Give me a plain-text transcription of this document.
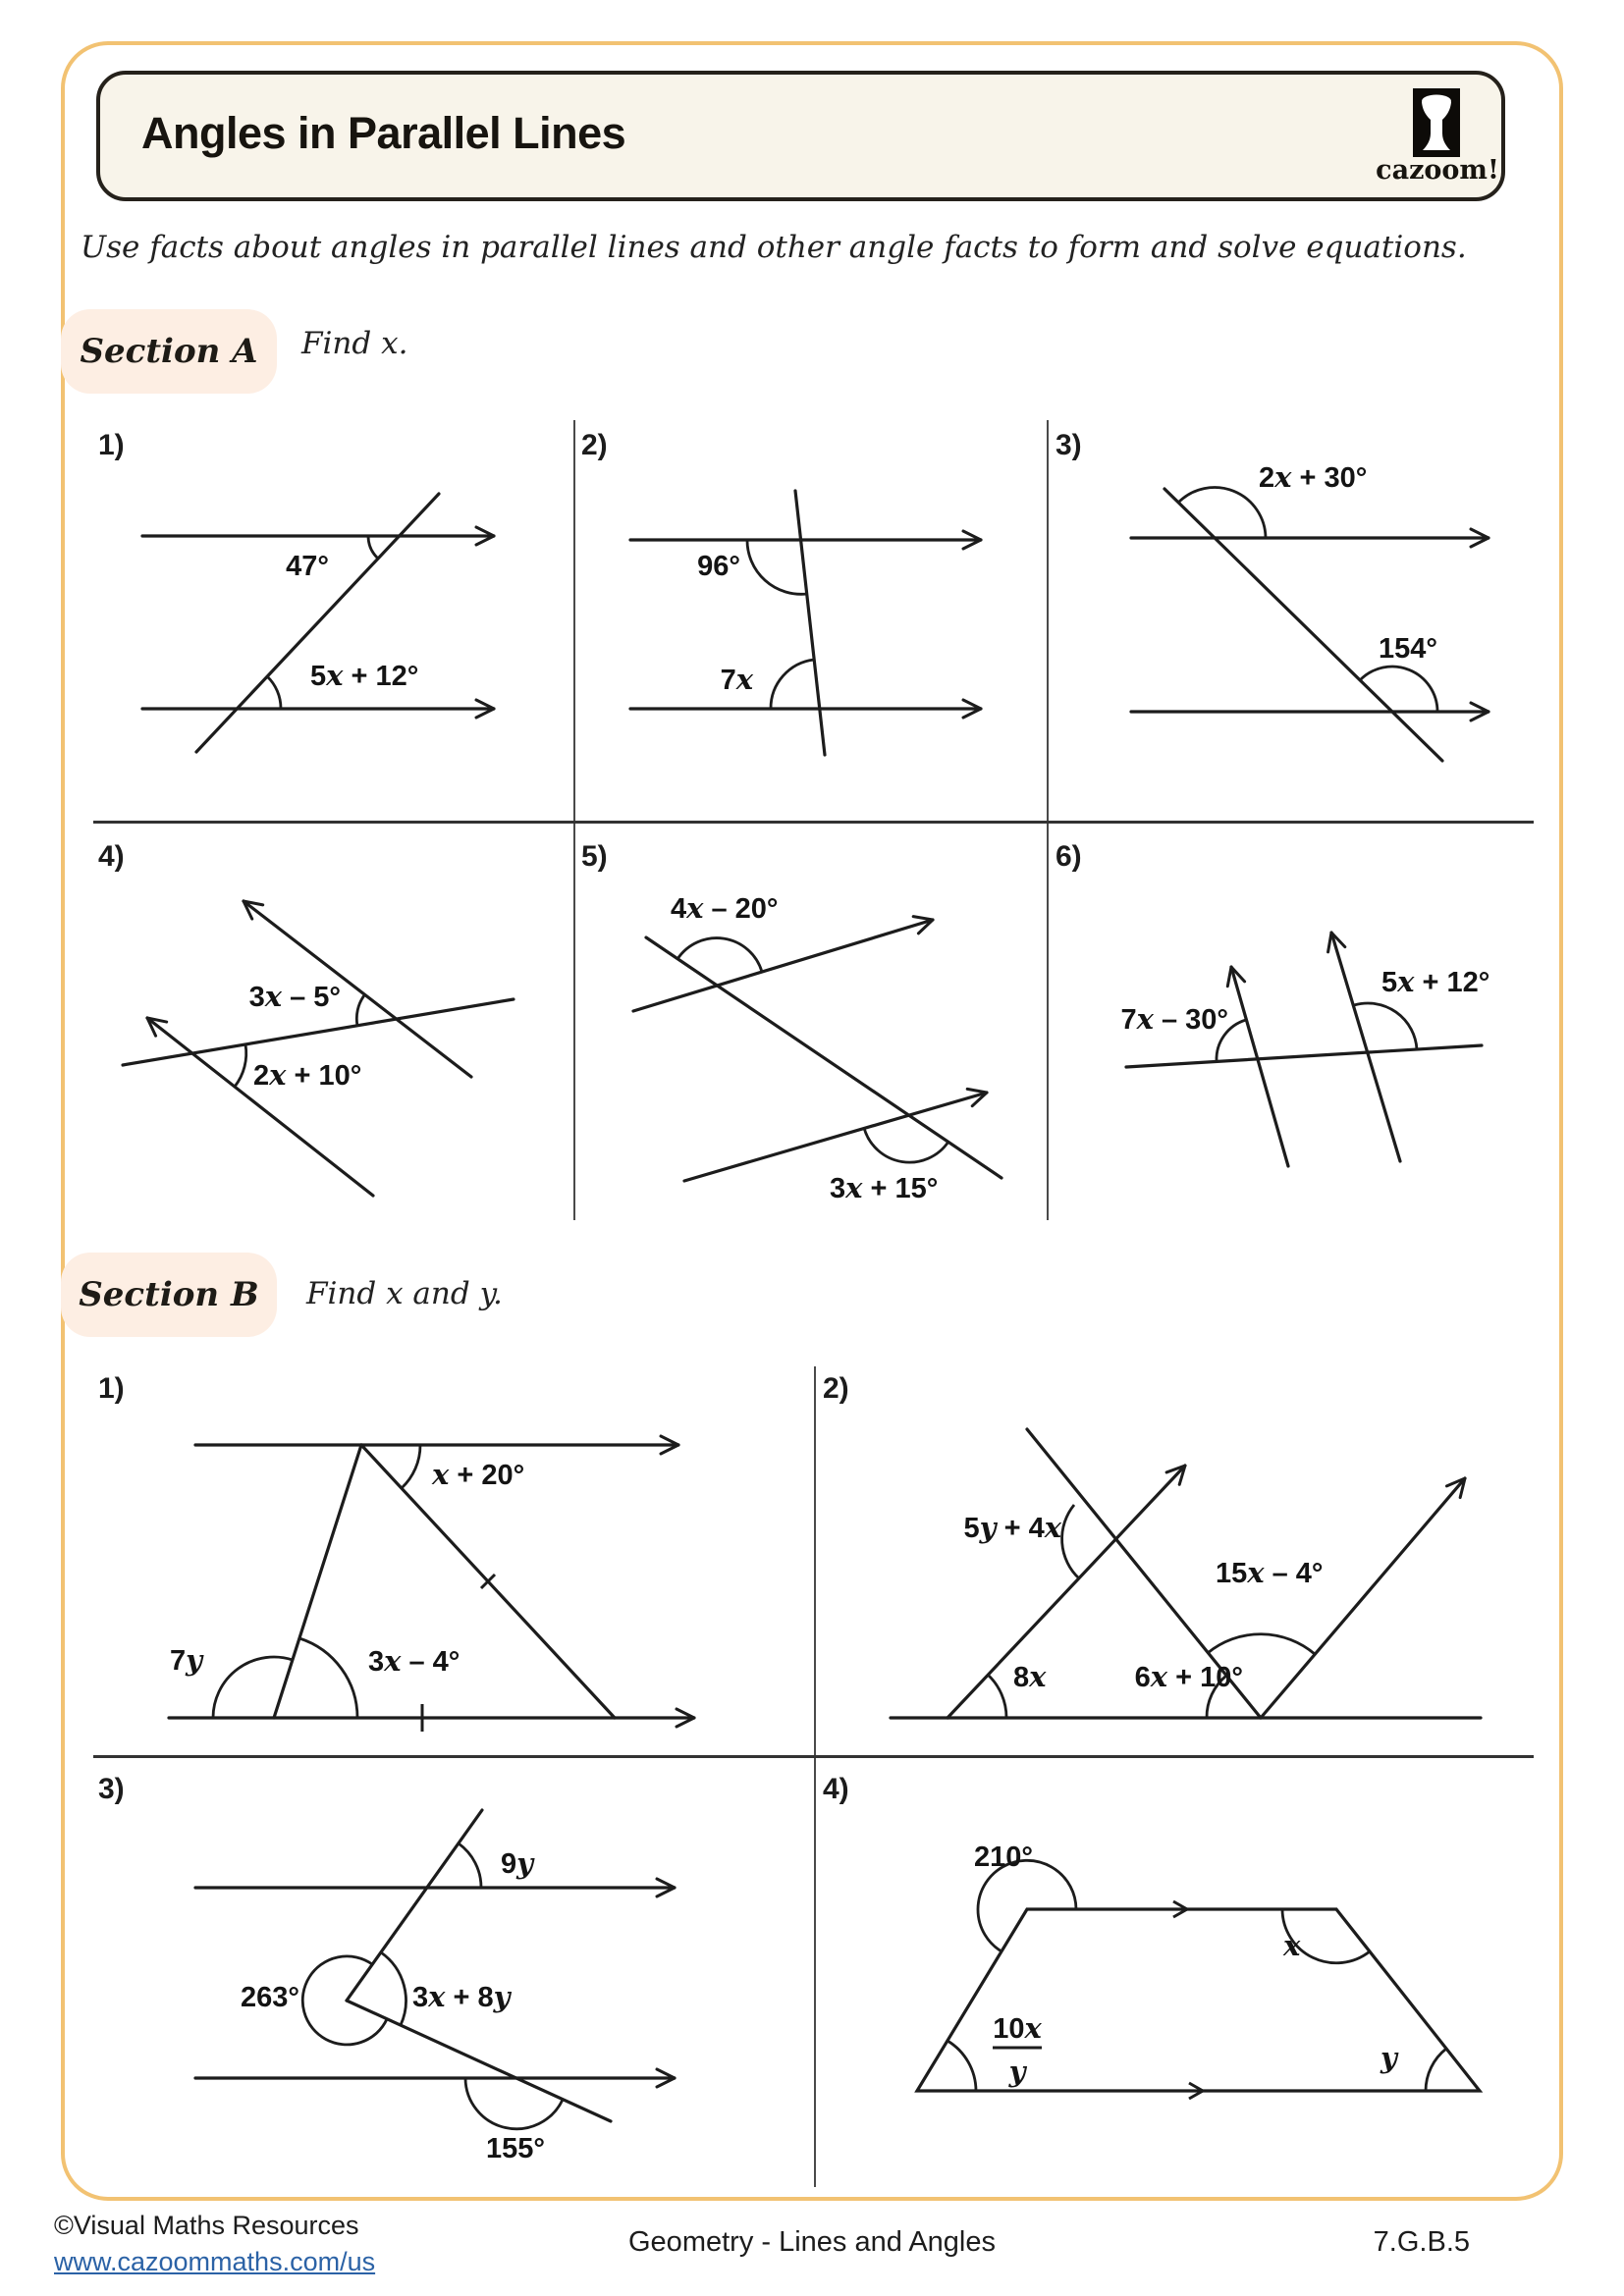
Angles in Parallel Lines
cazoom!
Use facts about angles in parallel lines and other angle facts to form and solve equations.
Section A Find x.
1)	2)	3)
4)	5)	6)
47°
5x + 12°
96°
7x
2x + 30°
154°
3x – 5°
2x + 10°
4x – 20°
3x + 15°
7x – 30°
5x + 12°
Section B Find x and y.
1)	2)
3)	4)
x + 20°
7y	3x – 4°
5y + 4x
15x – 4°
8x	6x + 10°
9y
263°	3x + 8y
155°
210°
x
10x
y	y
©Visual Maths Resources
www.cazoommaths.com/us
Geometry - Lines and Angles	7.G.B.5
